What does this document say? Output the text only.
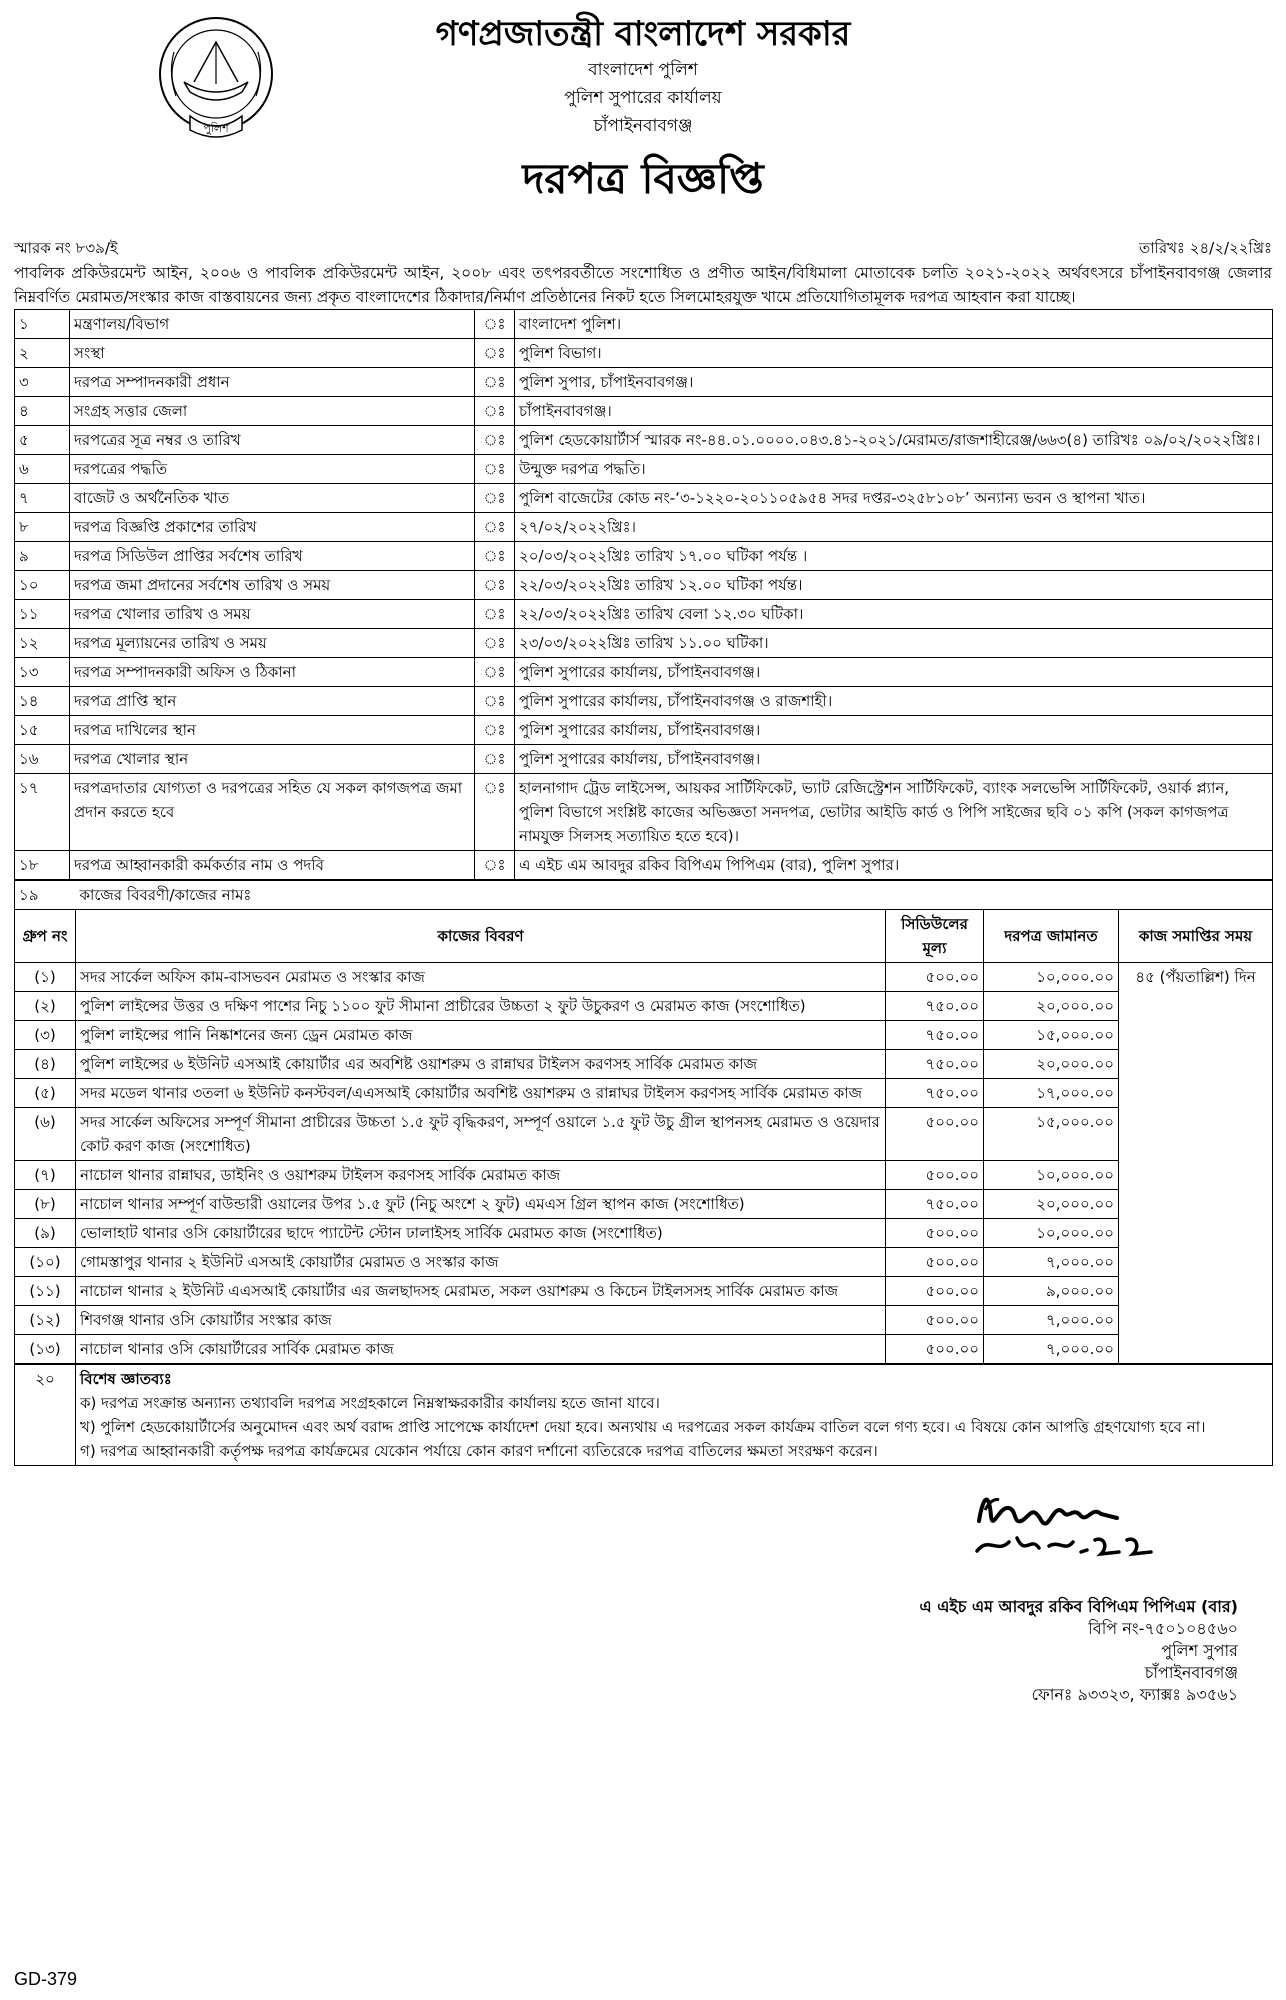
পুলিশ
গণপ্রজাতন্ত্রী বাংলাদেশ সরকার
বাংলাদেশ পুলিশ
পুলিশ সুপারের কার্যালয়
চাঁপাইনবাবগঞ্জ
দরপত্র বিজ্ঞপ্তি
স্মারক নং ৮৩৯/ই	তারিখঃ ২৪/২/২২খ্রিঃ
পাবলিক প্রকিউরমেন্ট আইন, ২০০৬ ও পাবলিক প্রকিউরমেন্ট আইন, ২০০৮ এবং তৎপরবর্তীতে সংশোধিত ও প্রণীত আইন/বিধিমালা মোতাবেক চলতি ২০২১-২০২২ অর্থবৎসরে চাঁপাইনবাবগঞ্জ জেলার নিম্নবর্ণিত মেরামত/সংস্কার কাজ বাস্তবায়নের জন্য প্রকৃত বাংলাদেশের ঠিকাদার/নির্মাণ প্রতিষ্ঠানের নিকট হতে সিলমোহরযুক্ত খামে প্রতিযোগিতামূলক দরপত্র আহবান করা যাচ্ছে।
১	মন্ত্রণালয়/বিভাগ	ঃ	বাংলাদেশ পুলিশ।
২	সংস্থা	ঃ	পুলিশ বিভাগ।
৩	দরপত্র সম্পাদনকারী প্রধান	ঃ	পুলিশ সুপার, চাঁপাইনবাবগঞ্জ।
৪	সংগ্রহ সত্তার জেলা	ঃ	চাঁপাইনবাবগঞ্জ।
৫	দরপত্রের সূত্র নম্বর ও তারিখ	ঃ	পুলিশ হেডকোয়ার্টার্স স্মারক নং-৪৪.০১.০০০০.০৪৩.৪১-২০২১/মেরামত/রাজশাহীরেঞ্জ/৬৬৩(৪) তারিখঃ ০৯/০২/২০২২খ্রিঃ।
৬	দরপত্রের পদ্ধতি	ঃ	উন্মুক্ত দরপত্র পদ্ধতি।
৭	বাজেট ও অর্থনৈতিক খাত	ঃ	পুলিশ বাজেটের কোড নং-‘৩-১২২০-২০১১০৫৯৫৪ সদর দপ্তর-৩২৫৮১০৮’ অন্যান্য ভবন ও স্থাপনা খাত।
৮	দরপত্র বিজ্ঞপ্তি প্রকাশের তারিখ	ঃ	২৭/০২/২০২২খ্রিঃ।
৯	দরপত্র সিডিউল প্রাপ্তির সর্বশেষ তারিখ	ঃ	২০/০৩/২০২২খ্রিঃ তারিখ ১৭.০০ ঘটিকা পর্যন্ত ।
১০	দরপত্র জমা প্রদানের সর্বশেষ তারিখ ও সময়	ঃ	২২/০৩/২০২২খ্রিঃ তারিখ ১২.০০ ঘটিকা পর্যন্ত।
১১	দরপত্র খোলার তারিখ ও সময়	ঃ	২২/০৩/২০২২খ্রিঃ তারিখ বেলা ১২.৩০ ঘটিকা।
১২	দরপত্র মূল্যায়নের তারিখ ও সময়	ঃ	২৩/০৩/২০২২খ্রিঃ তারিখ ১১.০০ ঘটিকা।
১৩	দরপত্র সম্পাদনকারী অফিস ও ঠিকানা	ঃ	পুলিশ সুপারের কার্যালয়, চাঁপাইনবাবগঞ্জ।
১৪	দরপত্র প্রাপ্তি স্থান	ঃ	পুলিশ সুপারের কার্যালয়, চাঁপাইনবাবগঞ্জ ও রাজশাহী।
১৫	দরপত্র দাখিলের স্থান	ঃ	পুলিশ সুপারের কার্যালয়, চাঁপাইনবাবগঞ্জ।
১৬	দরপত্র খোলার স্থান	ঃ	পুলিশ সুপারের কার্যালয়, চাঁপাইনবাবগঞ্জ।
১৭	দরপত্রদাতার যোগ্যতা ও দরপত্রের সহিত যে সকল কাগজপত্র জমা প্রদান করতে হবে	ঃ	হালনাগাদ ট্রেড লাইসেন্স, আয়কর সার্টিফিকেট, ভ্যাট রেজিস্ট্রেশন সার্টিফিকেট, ব্যাংক সলভেন্সি সার্টিফিকেট, ওয়ার্ক প্ল্যান, পুলিশ বিভাগে সংশ্লিষ্ট কাজের অভিজ্ঞতা সনদপত্র, ভোটার আইডি কার্ড ও পিপি সাইজের ছবি ০১ কপি (সকল কাগজপত্র নামযুক্ত সিলসহ সত্যায়িত হতে হবে)।
১৮	দরপত্র আহ্বানকারী কর্মকর্তার নাম ও পদবি	ঃ	এ এইচ এম আবদুর রকিব বিপিএম পিপিএম (বার), পুলিশ সুপার।
১৯	কাজের বিবরণী/কাজের নামঃ			
গ্রুপ নং	কাজের বিবরণ	সিডিউলের মূল্য	দরপত্র জামানত	কাজ সমাপ্তির সময়
(১)	সদর সার্কেল অফিস কাম-বাসভবন মেরামত ও সংস্কার কাজ	৫০০.০০	১০,০০০.০০	৪৫ (পঁয়তাল্লিশ) দিন
(২)	পুলিশ লাইন্সের উত্তর ও দক্ষিণ পাশের নিচু ১১০০ ফুট সীমানা প্রাচীরের উচ্চতা ২ ফুট উচুকরণ ও মেরামত কাজ (সংশোধিত)	৭৫০.০০	২০,০০০.০০	
(৩)	পুলিশ লাইন্সের পানি নিষ্কাশনের জন্য ড্রেন মেরামত কাজ	৭৫০.০০	১৫,০০০.০০	
(৪)	পুলিশ লাইন্সের ৬ ইউনিট এসআই কোয়ার্টার এর অবশিষ্ট ওয়াশরুম ও রান্নাঘর টাইলস করণসহ সার্বিক মেরামত কাজ	৭৫০.০০	২০,০০০.০০	
(৫)	সদর মডেল থানার ৩তলা ৬ ইউনিট কনস্টবল/এএসআই কোয়ার্টার অবশিষ্ট ওয়াশরুম ও রান্নাঘর টাইলস করণসহ সার্বিক মেরামত কাজ	৭৫০.০০	১৭,০০০.০০	
(৬)	সদর সার্কেল অফিসের সম্পূর্ণ সীমানা প্রাচীরের উচ্চতা ১.৫ ফুট বৃদ্ধিকরণ, সম্পূর্ণ ওয়ালে ১.৫ ফুট উচু গ্রীল স্থাপনসহ মেরামত ও ওয়েদার কোট করণ কাজ (সংশোধিত)	৫০০.০০	১৫,০০০.০০	
(৭)	নাচোল থানার রান্নাঘর, ডাইনিং ও ওয়াশরুম টাইলস করণসহ সার্বিক মেরামত কাজ	৫০০.০০	১০,০০০.০০	
(৮)	নাচোল থানার সম্পূর্ণ বাউন্ডারী ওয়ালের উপর ১.৫ ফুট (নিচু অংশে ২ ফুট) এমএস গ্রিল স্থাপন কাজ (সংশোধিত)	৭৫০.০০	২০,০০০.০০	
(৯)	ভোলাহাট থানার ওসি কোয়ার্টারের ছাদে প্যাটেন্ট স্টোন ঢালাইসহ সার্বিক মেরামত কাজ (সংশোধিত)	৫০০.০০	১০,০০০.০০	
(১০)	গোমস্তাপুর থানার ২ ইউনিট এসআই কোয়ার্টার মেরামত ও সংস্কার কাজ	৫০০.০০	৭,০০০.০০	
(১১)	নাচোল থানার ২ ইউনিট এএসআই কোয়ার্টার এর জলছাদসহ মেরামত, সকল ওয়াশরুম ও কিচেন টাইলসসহ সার্বিক মেরামত কাজ	৫০০.০০	৯,০০০.০০	
(১২)	শিবগঞ্জ থানার ওসি কোয়ার্টার সংস্কার কাজ	৫০০.০০	৭,০০০.০০	
(১৩)	নাচোল থানার ওসি কোয়ার্টারের সার্বিক মেরামত কাজ	৫০০.০০	৭,০০০.০০	
২০	বিশেষ জ্ঞাতব্যঃ
ক) দরপত্র সংক্রান্ত অন্যান্য তথ্যাবলি দরপত্র সংগ্রহকালে নিম্নস্বাক্ষরকারীর কার্যালয় হতে জানা যাবে।
খ) পুলিশ হেডকোয়ার্টার্সের অনুমোদন এবং অর্থ বরাদ্দ প্রাপ্তি সাপেক্ষে কার্যাদেশ দেয়া হবে। অন্যথায় এ দরপত্রের সকল কার্যক্রম বাতিল বলে গণ্য হবে। এ বিষয়ে কোন আপত্তি গ্রহণযোগ্য হবে না।
গ) দরপত্র আহ্বানকারী কর্তৃপক্ষ দরপত্র কার্যক্রমের যেকোন পর্যায়ে কোন কারণ দর্শানো ব্যতিরেকে দরপত্র বাতিলের ক্ষমতা সংরক্ষণ করেন।
এ এইচ এম আবদুর রকিব বিপিএম পিপিএম (বার)
বিপি নং-৭৫০১০৪৫৬০
পুলিশ সুপার
চাঁপাইনবাবগঞ্জ
ফোনঃ ৯৩৩২৩, ফ্যাক্সঃ ৯৩৫৬১
GD-379
